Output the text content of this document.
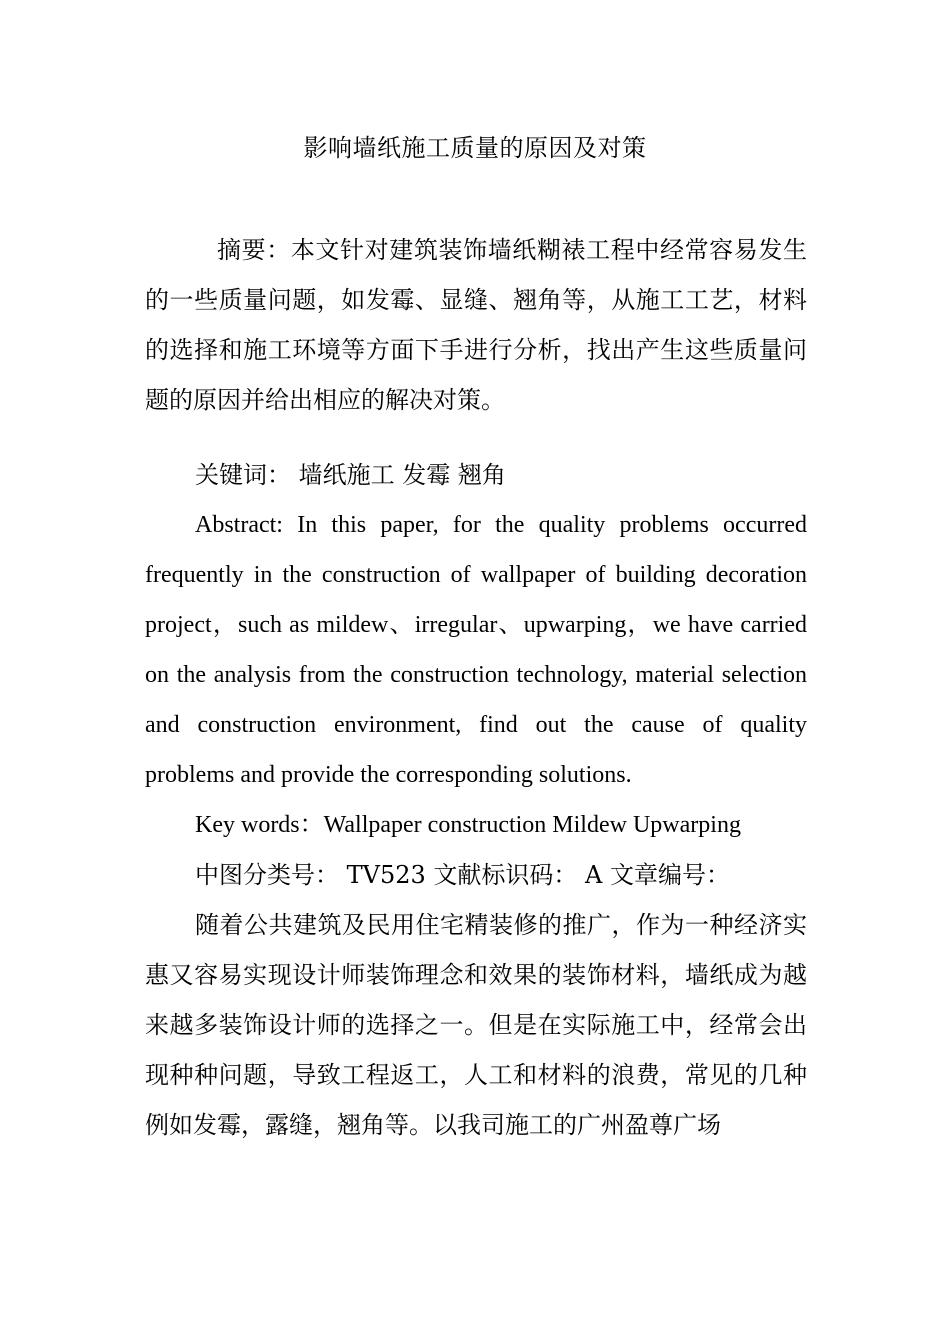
影响墙纸施工质量的原因及对策

摘要：本文针对建筑装饰墙纸糊裱工程中经常容易发生的一些质量问题，如发霉、显缝、翘角等，从施工工艺，材料的选择和施工环境等方面下手进行分析，找出产生这些质量问题的原因并给出相应的解决对策。

关键词： 墙纸施工 发霉 翘角

Abstract: In this paper, for the quality problems occurred frequently in the construction of wallpaper of building decoration project，such as mildew、irregular、upwarping，we have carried on the analysis from the construction technology, material selection and construction environment, find out the cause of quality problems and provide the corresponding solutions.

Key words：Wallpaper construction Mildew Upwarping

中图分类号： TV523 文献标识码： A 文章编号：

随着公共建筑及民用住宅精装修的推广，作为一种经济实惠又容易实现设计师装饰理念和效果的装饰材料，墙纸成为越来越多装饰设计师的选择之一。但是在实际施工中，经常会出现种种问题，导致工程返工，人工和材料的浪费，常见的几种例如发霉，露缝，翘角等。以我司施工的广州盈尊广场
